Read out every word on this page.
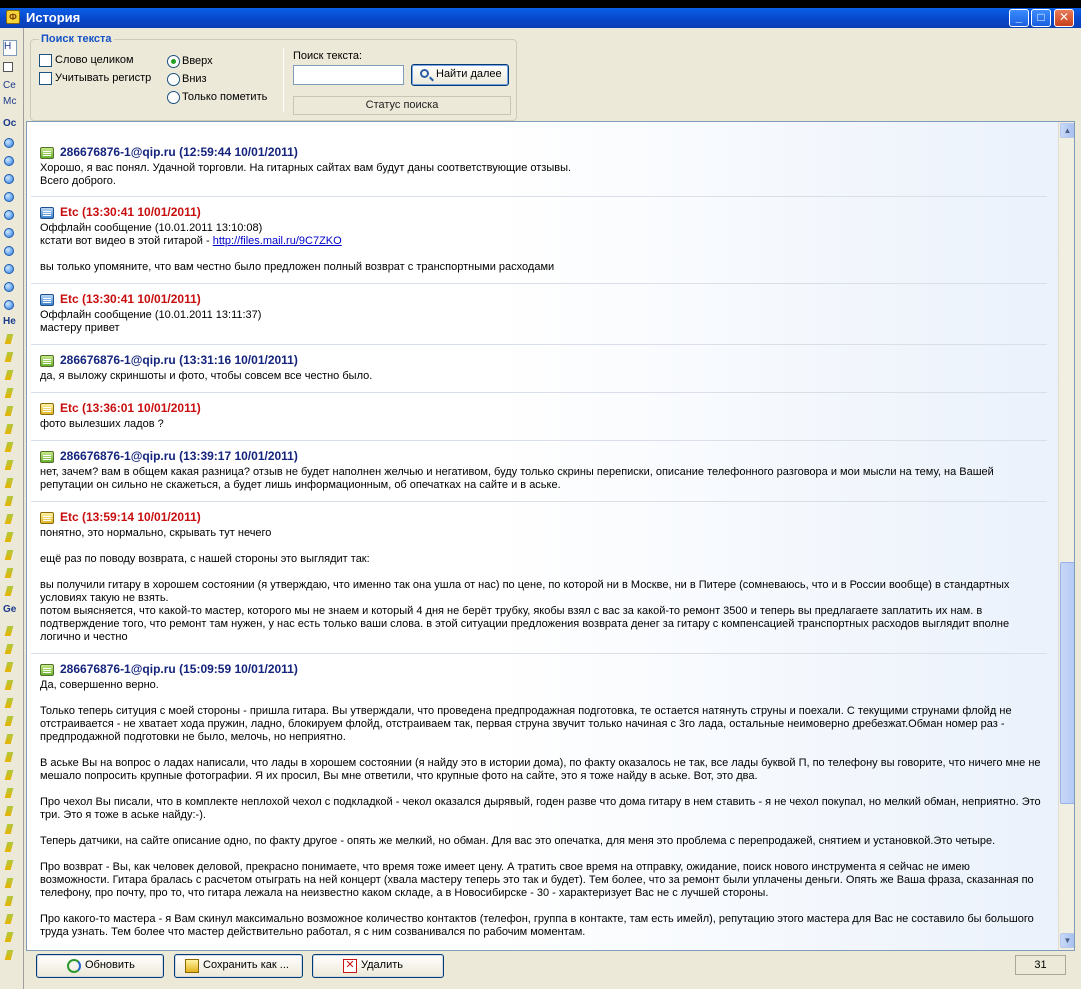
Ф История	_	□	✕
Н
Се
Мс
Ос
Не
Ge
Поиск текста
Слово целиком
Учитывать регистр
Вверх
Вниз
Только пометить
Поиск текста:
Найти далее
Статус поиска
286676876-1@qip.ru (12:59:44 10/01/2011)
Хорошо, я вас понял. Удачной торговли. На гитарных сайтах вам будут даны соответствующие отзывы.
Всего доброго.
Etc (13:30:41 10/01/2011)
Оффлайн сообщение (10.01.2011 13:10:08)
кстати вот видео в этой гитарой - http://files.mail.ru/9C7ZKO
вы только упомяните, что вам честно было предложен полный возврат с транспортными расходами
Etc (13:30:41 10/01/2011)
Оффлайн сообщение (10.01.2011 13:11:37)
мастеру привет
286676876-1@qip.ru (13:31:16 10/01/2011)
да, я выложу скриншоты и фото, чтобы совсем все честно было.
Etc (13:36:01 10/01/2011)
фото вылезших ладов ?
286676876-1@qip.ru (13:39:17 10/01/2011)
нет, зачем? вам в общем какая разница? отзыв не будет наполнен желчью и негативом, буду только скрины переписки, описание телефонного разговора и мои мысли на тему, на Вашей
репутации он сильно не скажеться, а будет лишь информационным, об опечатках на сайте и в аське.
Etc (13:59:14 10/01/2011)
понятно, это нормально, скрывать тут нечего
ещё раз по поводу возврата, с нашей стороны это выглядит так:
вы получили гитару в хорошем состоянии (я утверждаю, что именно так она ушла от нас) по цене, по которой ни в Москве, ни в Питере (сомневаюсь, что и в России вообще) в стандартных
условиях такую не взять.
потом выясняется, что какой-то мастер, которого мы не знаем и который 4 дня не берёт трубку, якобы взял с вас за какой-то ремонт 3500 и теперь вы предлагаете заплатить их нам. в
подтверждение того, что ремонт там нужен, у нас есть только ваши слова. в этой ситуации предложения возврата денег за гитару с компенсацией транспортных расходов выглядит вполне
логично и честно
286676876-1@qip.ru (15:09:59 10/01/2011)
Да, совершенно верно.
Только теперь ситуция с моей стороны - пришла гитара. Вы утверждали, что проведена предпродажная подготовка, те остается натянуть струны и поехали. С текущими струнами флойд не
отстраивается - не хватает хода пружин, ладно, блокируем флойд, отстраиваем так, первая струна звучит только начиная с 3го лада, остальные неимоверно дребезжат.Обман номер раз -
предпродажной подготовки не было, мелочь, но неприятно.
В аське Вы на вопрос о ладах написали, что лады в хорошем состоянии (я найду это в истории дома), по факту оказалось не так, все лады буквой П, по телефону вы говорите, что ничего мне не
мешало попросить крупные фотографии. Я их просил, Вы мне ответили, что крупные фото на сайте, это я тоже найду в аське. Вот, это два.
Про чехол Вы писали, что в комплекте неплохой чехол с подкладкой - чекол оказался дырявый, годен разве что дома гитару в нем ставить - я не чехол покупал, но мелкий обман, неприятно. Это
три. Это я тоже в аське найду:-).
Теперь датчики, на сайте описание одно, по факту другое - опять же мелкий, но обман. Для вас это опечатка, для меня это проблема с перепродажей, снятием и установкой.Это четыре.
Про возврат - Вы, как человек деловой, прекрасно понимаете, что время тоже имеет цену. А тратить свое время на отправку, ожидание, поиск нового инструмента я сейчас не имею
возможности. Гитара бралась с расчетом отыграть на ней концерт (хвала мастеру теперь это так и будет). Тем более, что за ремонт были уплачены деньги. Опять же Ваша фраза, сказанная по
телефону, про почту, про то, что гитара лежала на неизвестно каком складе, а в Новосибирске - 30 - характеризует Вас не с лучшей стороны.
Про какого-то мастера - я Вам скинул максимально возможное количество контактов (телефон, группа в контакте, там есть имейл), репутацию этого мастера для Вас не составило бы большого
труда узнать. Тем более что мастер действительно работал, я с ним созванивался по рабочим моментам.
▲
▼
Обновить	Сохранить как ...	✕ Удалить	31
